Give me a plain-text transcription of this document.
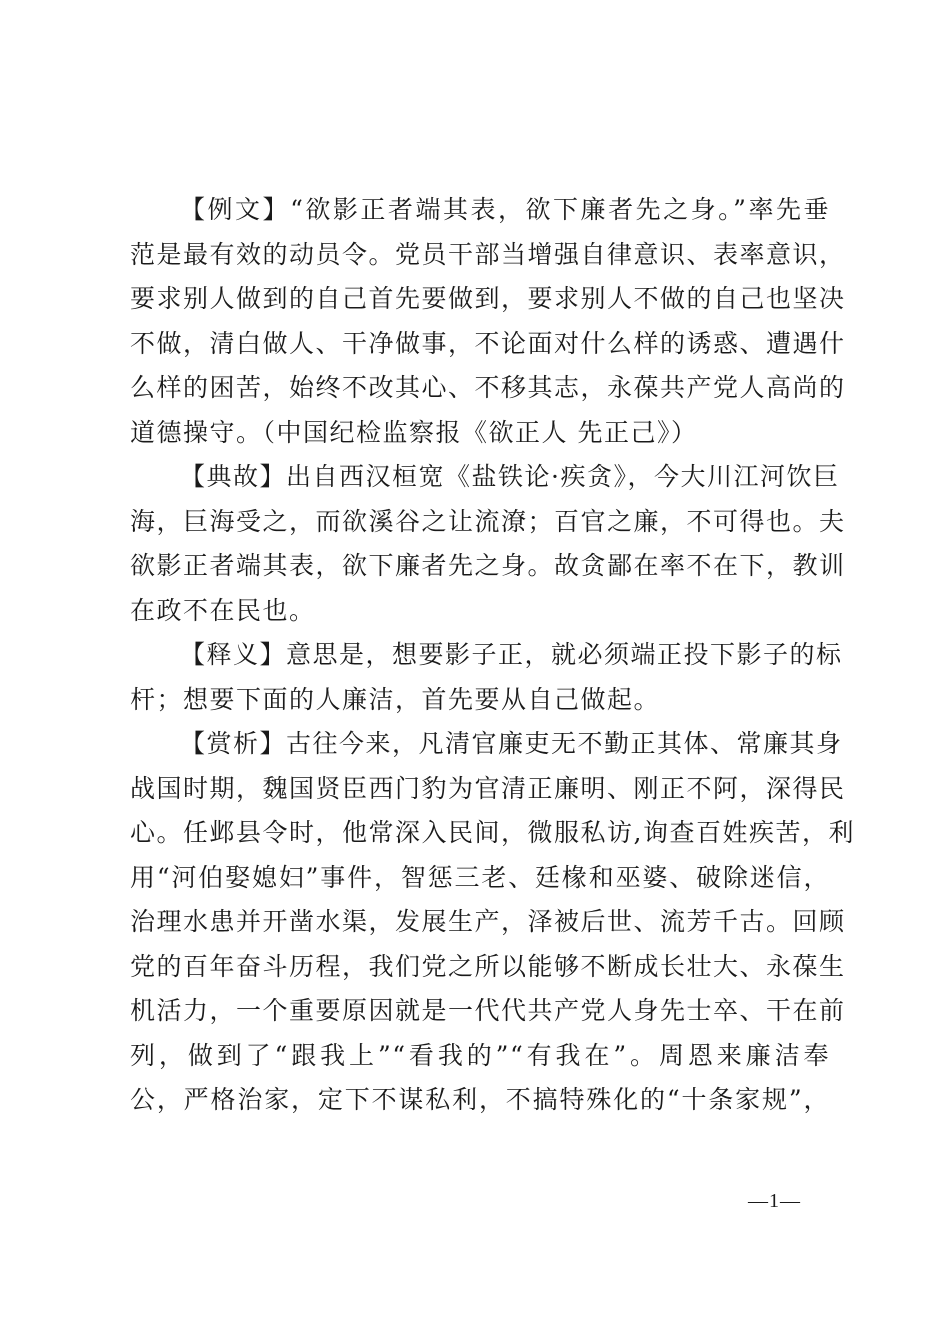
【例文】“欲影正者端其表，欲下廉者先之身。”率先垂
范是最有效的动员令。党员干部当增强自律意识、表率意识，
要求别人做到的自己首先要做到，要求别人不做的自己也坚决
不做，清白做人、干净做事，不论面对什么样的诱惑、遭遇什
么样的困苦，始终不改其心、不移其志，永葆共产党人高尚的
道德操守。（中国纪检监察报《欲正人 先正己》）
【典故】出自西汉桓宽《盐铁论·疾贪》，今大川江河饮巨
海，巨海受之，而欲溪谷之让流潦；百官之廉，不可得也。夫
欲影正者端其表，欲下廉者先之身。故贪鄙在率不在下，教训
在政不在民也。
【释义】意思是，想要影子正，就必须端正投下影子的标
杆；想要下面的人廉洁，首先要从自己做起。
【赏析】古往今来，凡清官廉吏无不勤正其体、常廉其身
战国时期，魏国贤臣西门豹为官清正廉明、刚正不阿，深得民
心。任邺县令时，他常深入民间，微服私访,询查百姓疾苦，利
用“河伯娶媳妇”事件，智惩三老、廷椽和巫婆、破除迷信，
治理水患并开凿水渠，发展生产，泽被后世、流芳千古。回顾
党的百年奋斗历程，我们党之所以能够不断成长壮大、永葆生
机活力，一个重要原因就是一代代共产党人身先士卒、干在前
列，做到了“跟我上”“看我的”“有我在”。周恩来廉洁奉
公，严格治家，定下不谋私利，不搞特殊化的“十条家规”，
—1—
